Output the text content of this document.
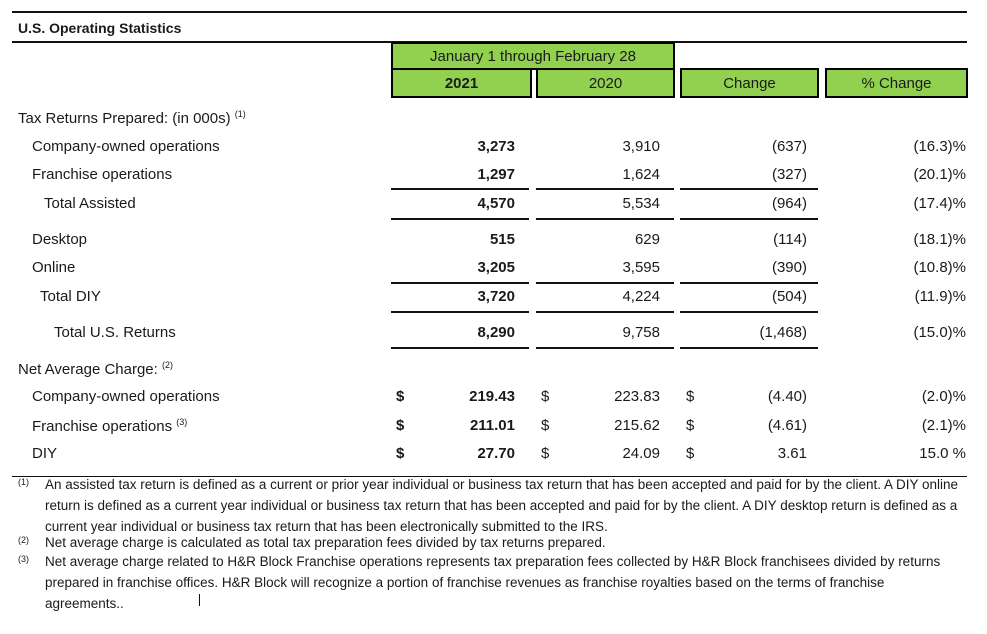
U.S. Operating Statistics
January 1 through February 28
2021	2020	Change	% Change
Tax Returns Prepared: (in 000s) $^{(1)}$
Company-owned operations	3,273	3,910	(637)	(16.3)%
Franchise operations	1,297	1,624	(327)	(20.1)%
Total Assisted	4,570	5,534	(964)	(17.4)%
Desktop	515	629	(114)	(18.1)%
Online	3,205	3,595	(390)	(10.8)%
Total DIY	3,720	4,224	(504)	(11.9)%
Total U.S. Returns	8,290	9,758	(1,468)	(15.0)%
Net Average Charge: $^{(2)}$
Company-owned operations	$	219.43 $	223.83 $	(4.40)	(2.0)%
Franchise operations $^{(3)}$	$	211.01 $	215.62 $	(4.61)	(2.1)%
DIY	$	27.70 $	24.09 $	3.61	15.0 %
(1) An assisted tax return is defined as a current or prior year individual or business tax return that has been accepted and paid for by the client. A DIY online return is defined as a current year individual or business tax return that has been accepted and paid for by the client. A DIY desktop return is defined as a current year individual or business tax return that has been electronically submitted to the IRS.
(2) Net average charge is calculated as total tax preparation fees divided by tax returns prepared.
(3) Net average charge related to H&R Block Franchise operations represents tax preparation fees collected by H&R Block franchisees divided by returns prepared in franchise offices. H&R Block will recognize a portion of franchise revenues as franchise royalties based on the terms of franchise agreements..
